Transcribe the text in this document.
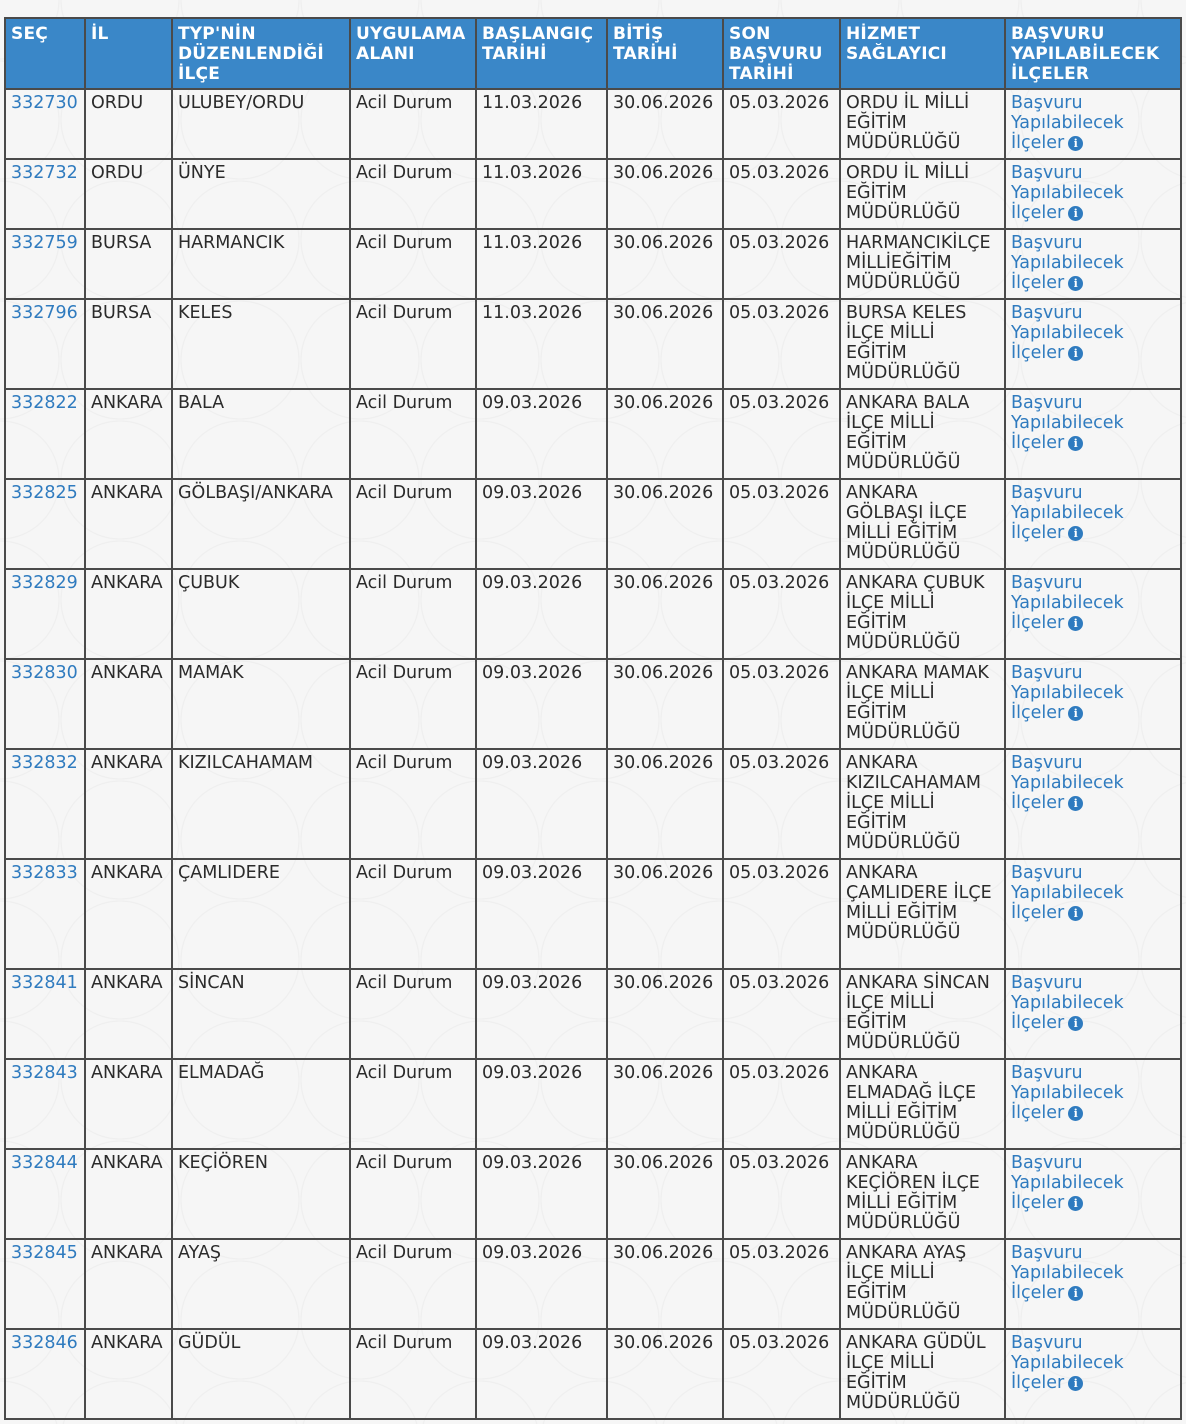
SEÇ	İL	TYP'NİN DÜZENLENDİĞİ İLÇE	UYGULAMA ALANI	BAŞLANGIÇ TARİHİ	BİTİŞ TARİHİ	SON BAŞVURU TARİHİ	HİZMET SAĞLAYICI	BAŞVURU YAPILABİLECEK İLÇELER
332730	ORDU	ULUBEY/ORDU	Acil Durum	11.03.2026	30.06.2026	05.03.2026	ORDU İL MİLLİ EĞİTİM MÜDÜRLÜĞÜ	Başvuru Yapılabilecek İlçeler i
332732	ORDU	ÜNYE	Acil Durum	11.03.2026	30.06.2026	05.03.2026	ORDU İL MİLLİ EĞİTİM MÜDÜRLÜĞÜ	Başvuru Yapılabilecek İlçeler i
332759	BURSA	HARMANCIK	Acil Durum	11.03.2026	30.06.2026	05.03.2026	HARMANCIKİLÇE MİLLİEĞİTİM MÜDÜRLÜĞÜ	Başvuru Yapılabilecek İlçeler i
332796	BURSA	KELES	Acil Durum	11.03.2026	30.06.2026	05.03.2026	BURSA KELES İLÇE MİLLİ EĞİTİM MÜDÜRLÜĞÜ	Başvuru Yapılabilecek İlçeler i
332822	ANKARA	BALA	Acil Durum	09.03.2026	30.06.2026	05.03.2026	ANKARA BALA İLÇE MİLLİ EĞİTİM MÜDÜRLÜĞÜ	Başvuru Yapılabilecek İlçeler i
332825	ANKARA	GÖLBAŞI/ANKARA	Acil Durum	09.03.2026	30.06.2026	05.03.2026	ANKARA GÖLBAŞI İLÇE MİLLİ EĞİTİM MÜDÜRLÜĞÜ	Başvuru Yapılabilecek İlçeler i
332829	ANKARA	ÇUBUK	Acil Durum	09.03.2026	30.06.2026	05.03.2026	ANKARA ÇUBUK İLÇE MİLLİ EĞİTİM MÜDÜRLÜĞÜ	Başvuru Yapılabilecek İlçeler i
332830	ANKARA	MAMAK	Acil Durum	09.03.2026	30.06.2026	05.03.2026	ANKARA MAMAK İLÇE MİLLİ EĞİTİM MÜDÜRLÜĞÜ	Başvuru Yapılabilecek İlçeler i
332832	ANKARA	KIZILCAHAMAM	Acil Durum	09.03.2026	30.06.2026	05.03.2026	ANKARA KIZILCAHAMAM İLÇE MİLLİ EĞİTİM MÜDÜRLÜĞÜ	Başvuru Yapılabilecek İlçeler i
332833	ANKARA	ÇAMLIDERE	Acil Durum	09.03.2026	30.06.2026	05.03.2026	ANKARA ÇAMLIDERE İLÇE MİLLİ EĞİTİM MÜDÜRLÜĞÜ	Başvuru Yapılabilecek İlçeler i
332841	ANKARA	SİNCAN	Acil Durum	09.03.2026	30.06.2026	05.03.2026	ANKARA SİNCAN İLÇE MİLLİ EĞİTİM MÜDÜRLÜĞÜ	Başvuru Yapılabilecek İlçeler i
332843	ANKARA	ELMADAĞ	Acil Durum	09.03.2026	30.06.2026	05.03.2026	ANKARA ELMADAĞ İLÇE MİLLİ EĞİTİM MÜDÜRLÜĞÜ	Başvuru Yapılabilecek İlçeler i
332844	ANKARA	KEÇİÖREN	Acil Durum	09.03.2026	30.06.2026	05.03.2026	ANKARA KEÇİÖREN İLÇE MİLLİ EĞİTİM MÜDÜRLÜĞÜ	Başvuru Yapılabilecek İlçeler i
332845	ANKARA	AYAŞ	Acil Durum	09.03.2026	30.06.2026	05.03.2026	ANKARA AYAŞ İLÇE MİLLİ EĞİTİM MÜDÜRLÜĞÜ	Başvuru Yapılabilecek İlçeler i
332846	ANKARA	GÜDÜL	Acil Durum	09.03.2026	30.06.2026	05.03.2026	ANKARA GÜDÜL İLÇE MİLLİ EĞİTİM MÜDÜRLÜĞÜ	Başvuru Yapılabilecek İlçeler i
